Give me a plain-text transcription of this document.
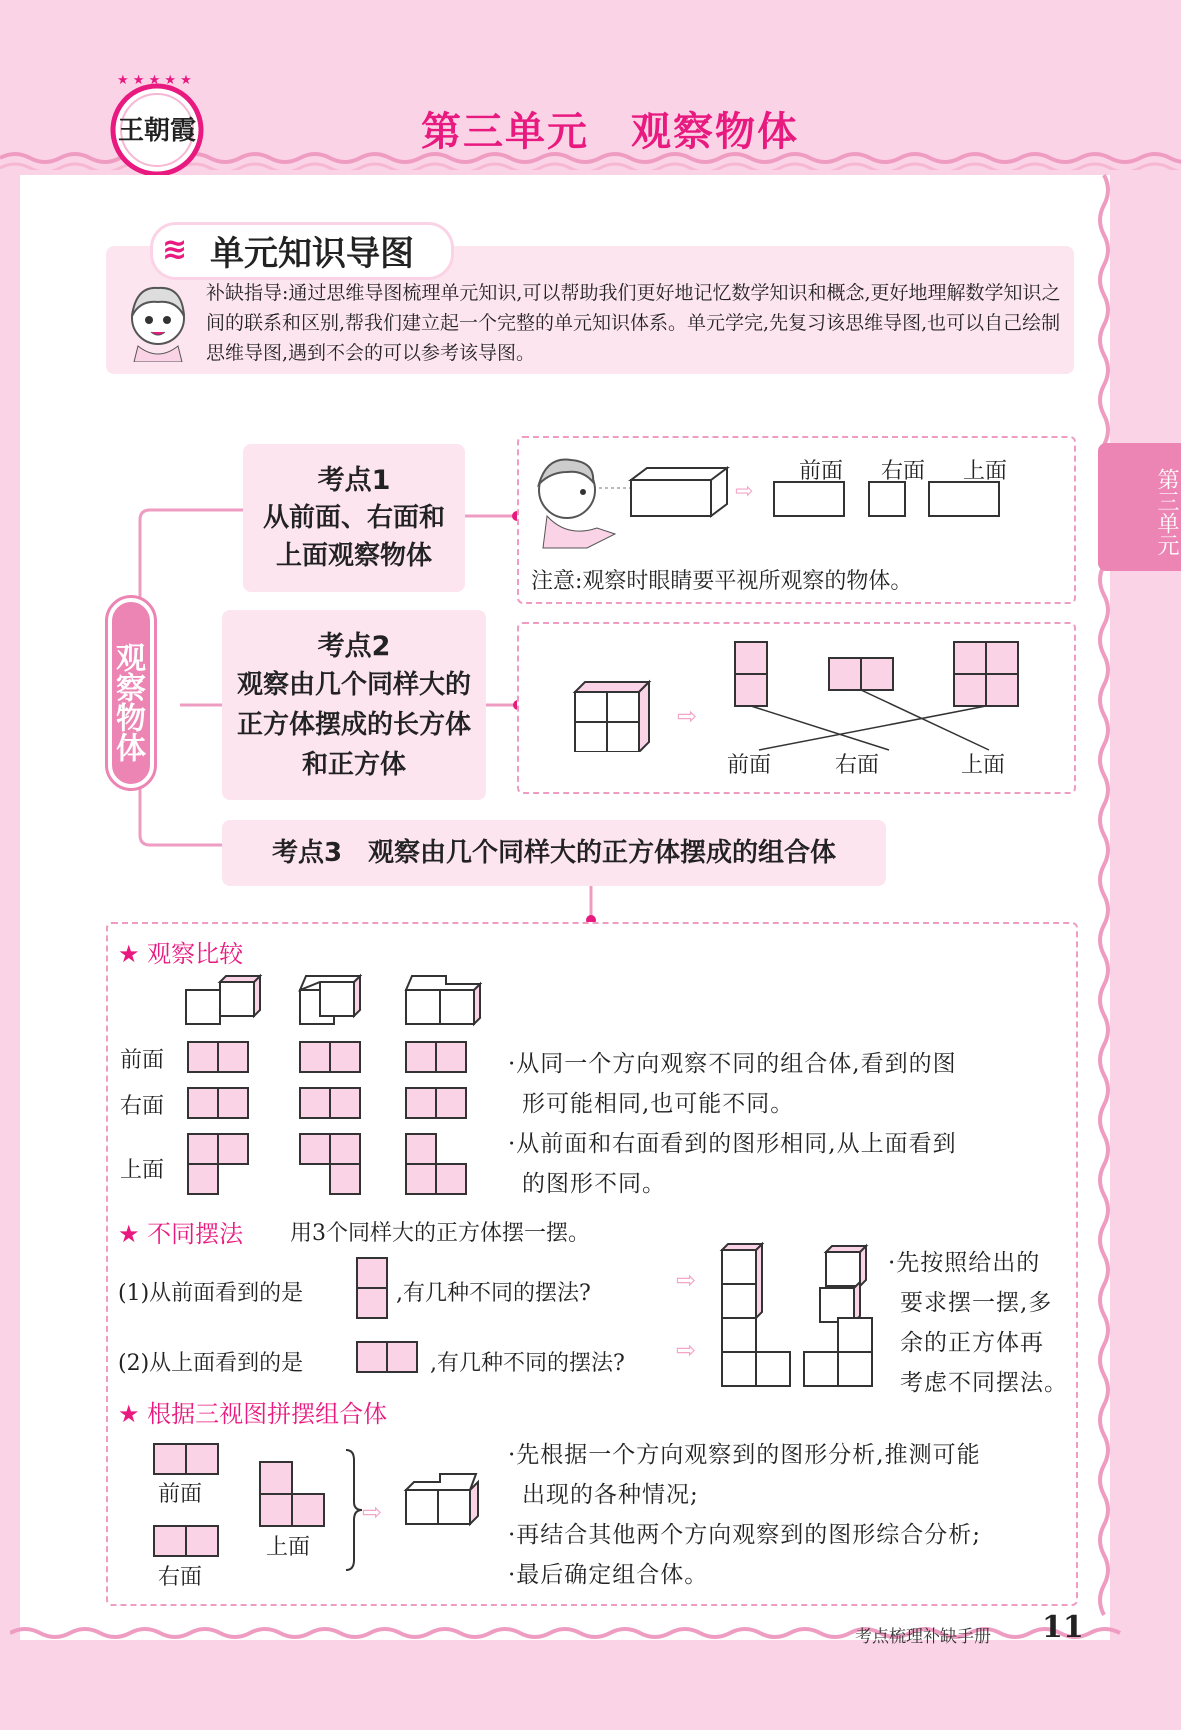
★ ★ ★ ★ ★
王朝霞	第三单元　观察物体
第三单元
≋ 单元知识导图
补缺指导:通过思维导图梳理单元知识,可以帮助我们更好地记忆数学知识和概念,更好地理解数学知识之间的联系和区别,帮我们建立起一个完整的单元知识体系。单元学完,先复习该思维导图,也可以自己绘制思维导图,遇到不会的可以参考该导图。
观察物体
考点1
从前面、右面和上面观察物体
⇨
前面 右面 上面
注意:观察时眼睛要平视所观察的物体。
考点2
观察由几个同样大的正方体摆成的长方体和正方体
⇨
前面	右面	上面
考点3　观察由几个同样大的正方体摆成的组合体
★ 观察比较
前面
右面
上面
·从同一个方向观察不同的组合体,看到的图
形可能相同,也可能不同。
·从前面和右面看到的图形相同,从上面看到
的图形不同。
★ 不同摆法 用3个同样大的正方体摆一摆。
(1)从前面看到的是	,有几种不同的摆法?
(2)从上面看到的是	,有几种不同的摆法?
⇨
⇨
·先按照给出的
要求摆一摆,多
余的正方体再
考虑不同摆法。
★ 根据三视图拼摆组合体
⇨
前面
上面
右面
·先根据一个方向观察到的图形分析,推测可能
出现的各种情况;
·再结合其他两个方向观察到的图形综合分析;
·最后确定组合体。
考点梳理补缺手册 11
